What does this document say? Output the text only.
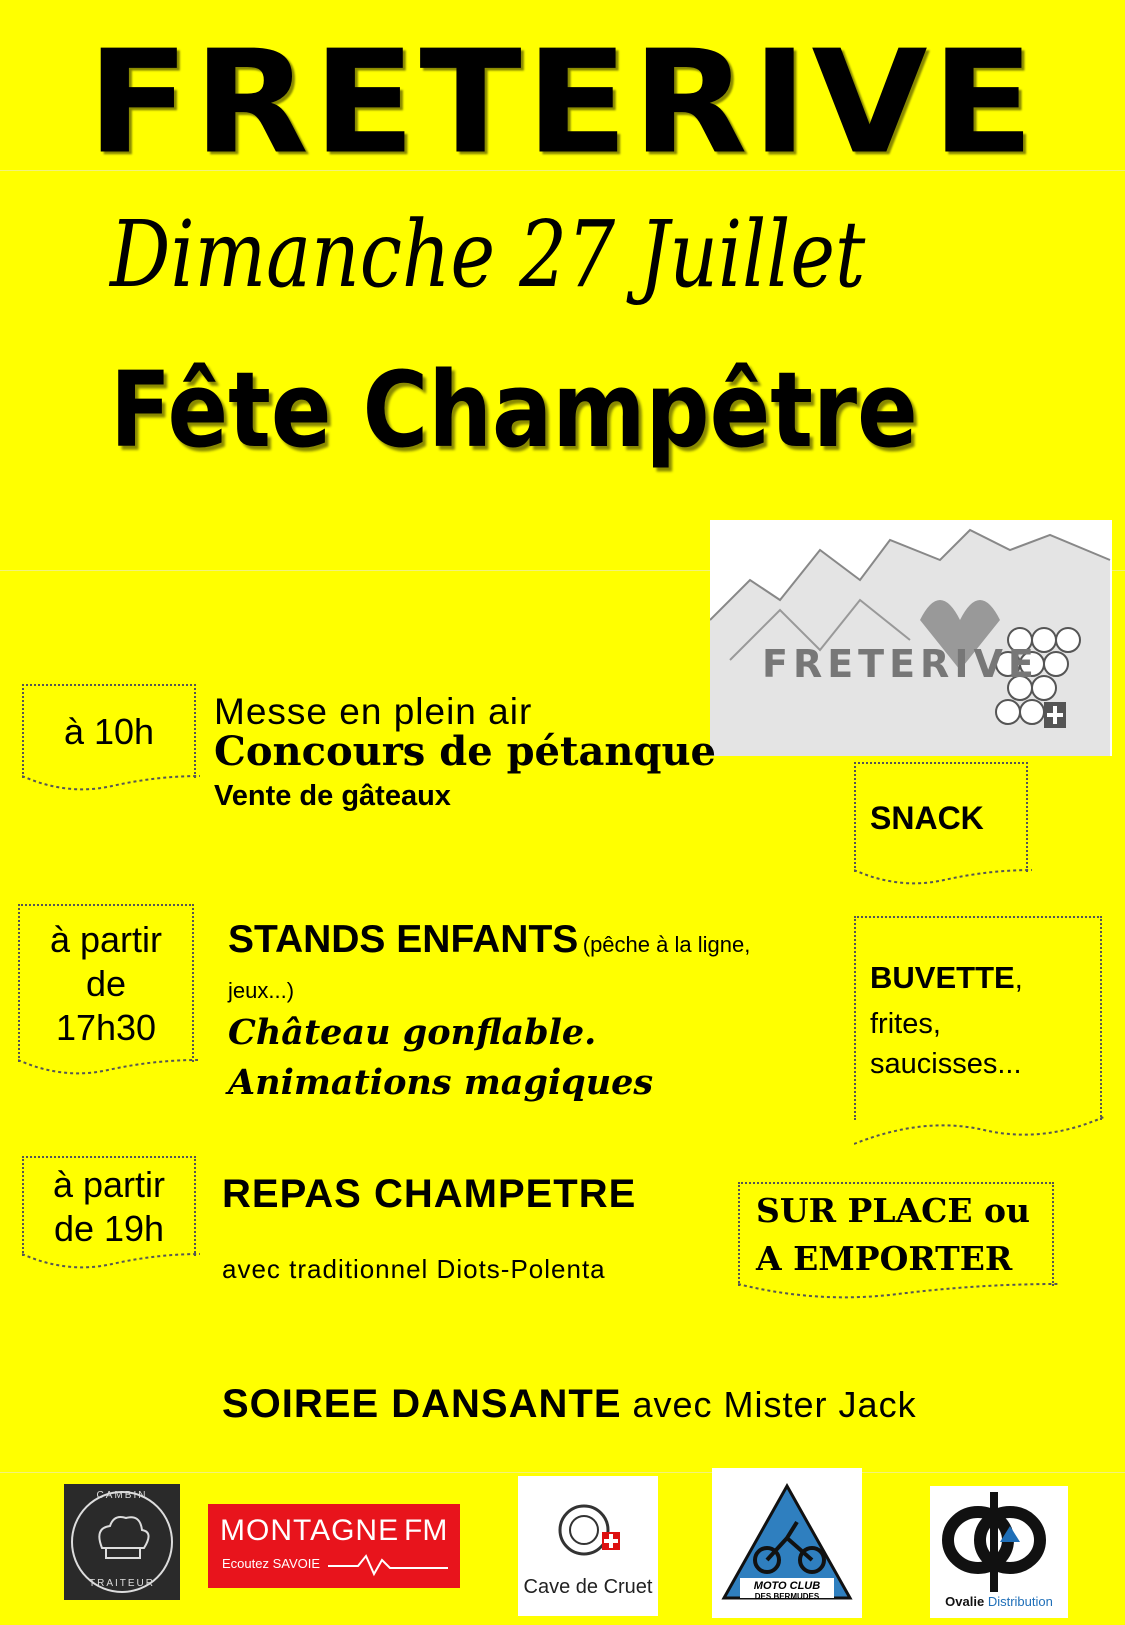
FRETERIVE
Dimanche 27 Juillet
Fête Champêtre
FRETERIVE
à 10h
à partir
de
17h30
à partir
de 19h
Messe en plein air
Concours de pétanque
Vente de gâteaux
STANDS ENFANTS (pêche à la ligne,
jeux...)
Château gonflable.
Animations magiques
REPAS CHAMPETRE
avec traditionnel Diots-Polenta
SOIREE DANSANTE avec Mister Jack
SNACK
BUVETTE,
frites,
saucisses...
SUR PLACE ou
A EMPORTER
CAMBIN
TRAITEUR
MONTAGNE FM
Ecoutez SAVOIE
Cave de Cruet	MOTO CLUB
DES BERMUDES	Ovalie Distribution
